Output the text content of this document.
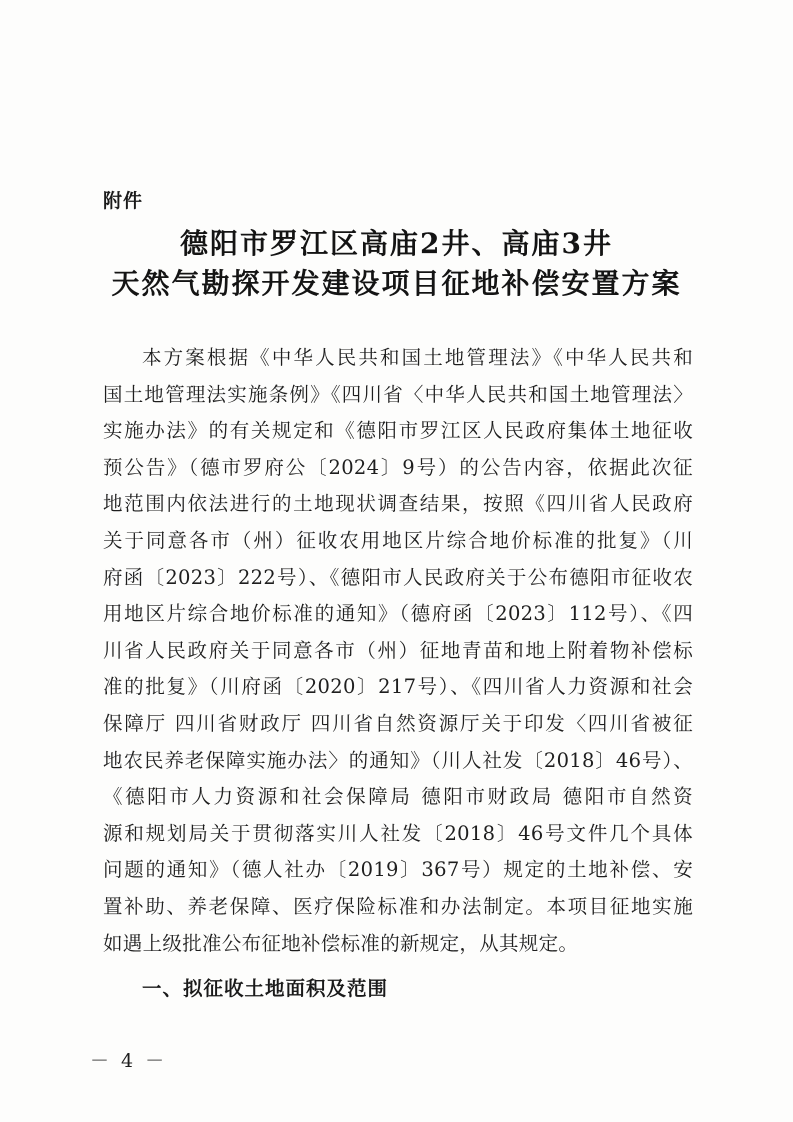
附件
德阳市罗江区高庙2井、高庙3井
天然气勘探开发建设项目征地补偿安置方案
本方案根据《中华人民共和国土地管理法》《中华人民共和
国土地管理法实施条例》《四川省〈中华人民共和国土地管理法〉
实施办法》的有关规定和《德阳市罗江区人民政府集体土地征收
预公告》（德市罗府公〔2024〕9号）的公告内容，依据此次征
地范围内依法进行的土地现状调查结果，按照《四川省人民政府
关于同意各市（州）征收农用地区片综合地价标准的批复》（川
府函〔2023〕222号）、《德阳市人民政府关于公布德阳市征收农
用地区片综合地价标准的通知》（德府函〔2023〕112号）、《四
川省人民政府关于同意各市（州）征地青苗和地上附着物补偿标
准的批复》（川府函〔2020〕217号）、《四川省人力资源和社会
保障厅 四川省财政厅 四川省自然资源厅关于印发〈四川省被征
地农民养老保障实施办法〉的通知》（川人社发〔2018〕46号）、
《德阳市人力资源和社会保障局 德阳市财政局 德阳市自然资
源和规划局关于贯彻落实川人社发〔2018〕46号文件几个具体
问题的通知》（德人社办〔2019〕367号）规定的土地补偿、安
置补助、养老保障、医疗保险标准和办法制定。本项目征地实施
如遇上级批准公布征地补偿标准的新规定，从其规定。
一、拟征收土地面积及范围
－ 4 －
